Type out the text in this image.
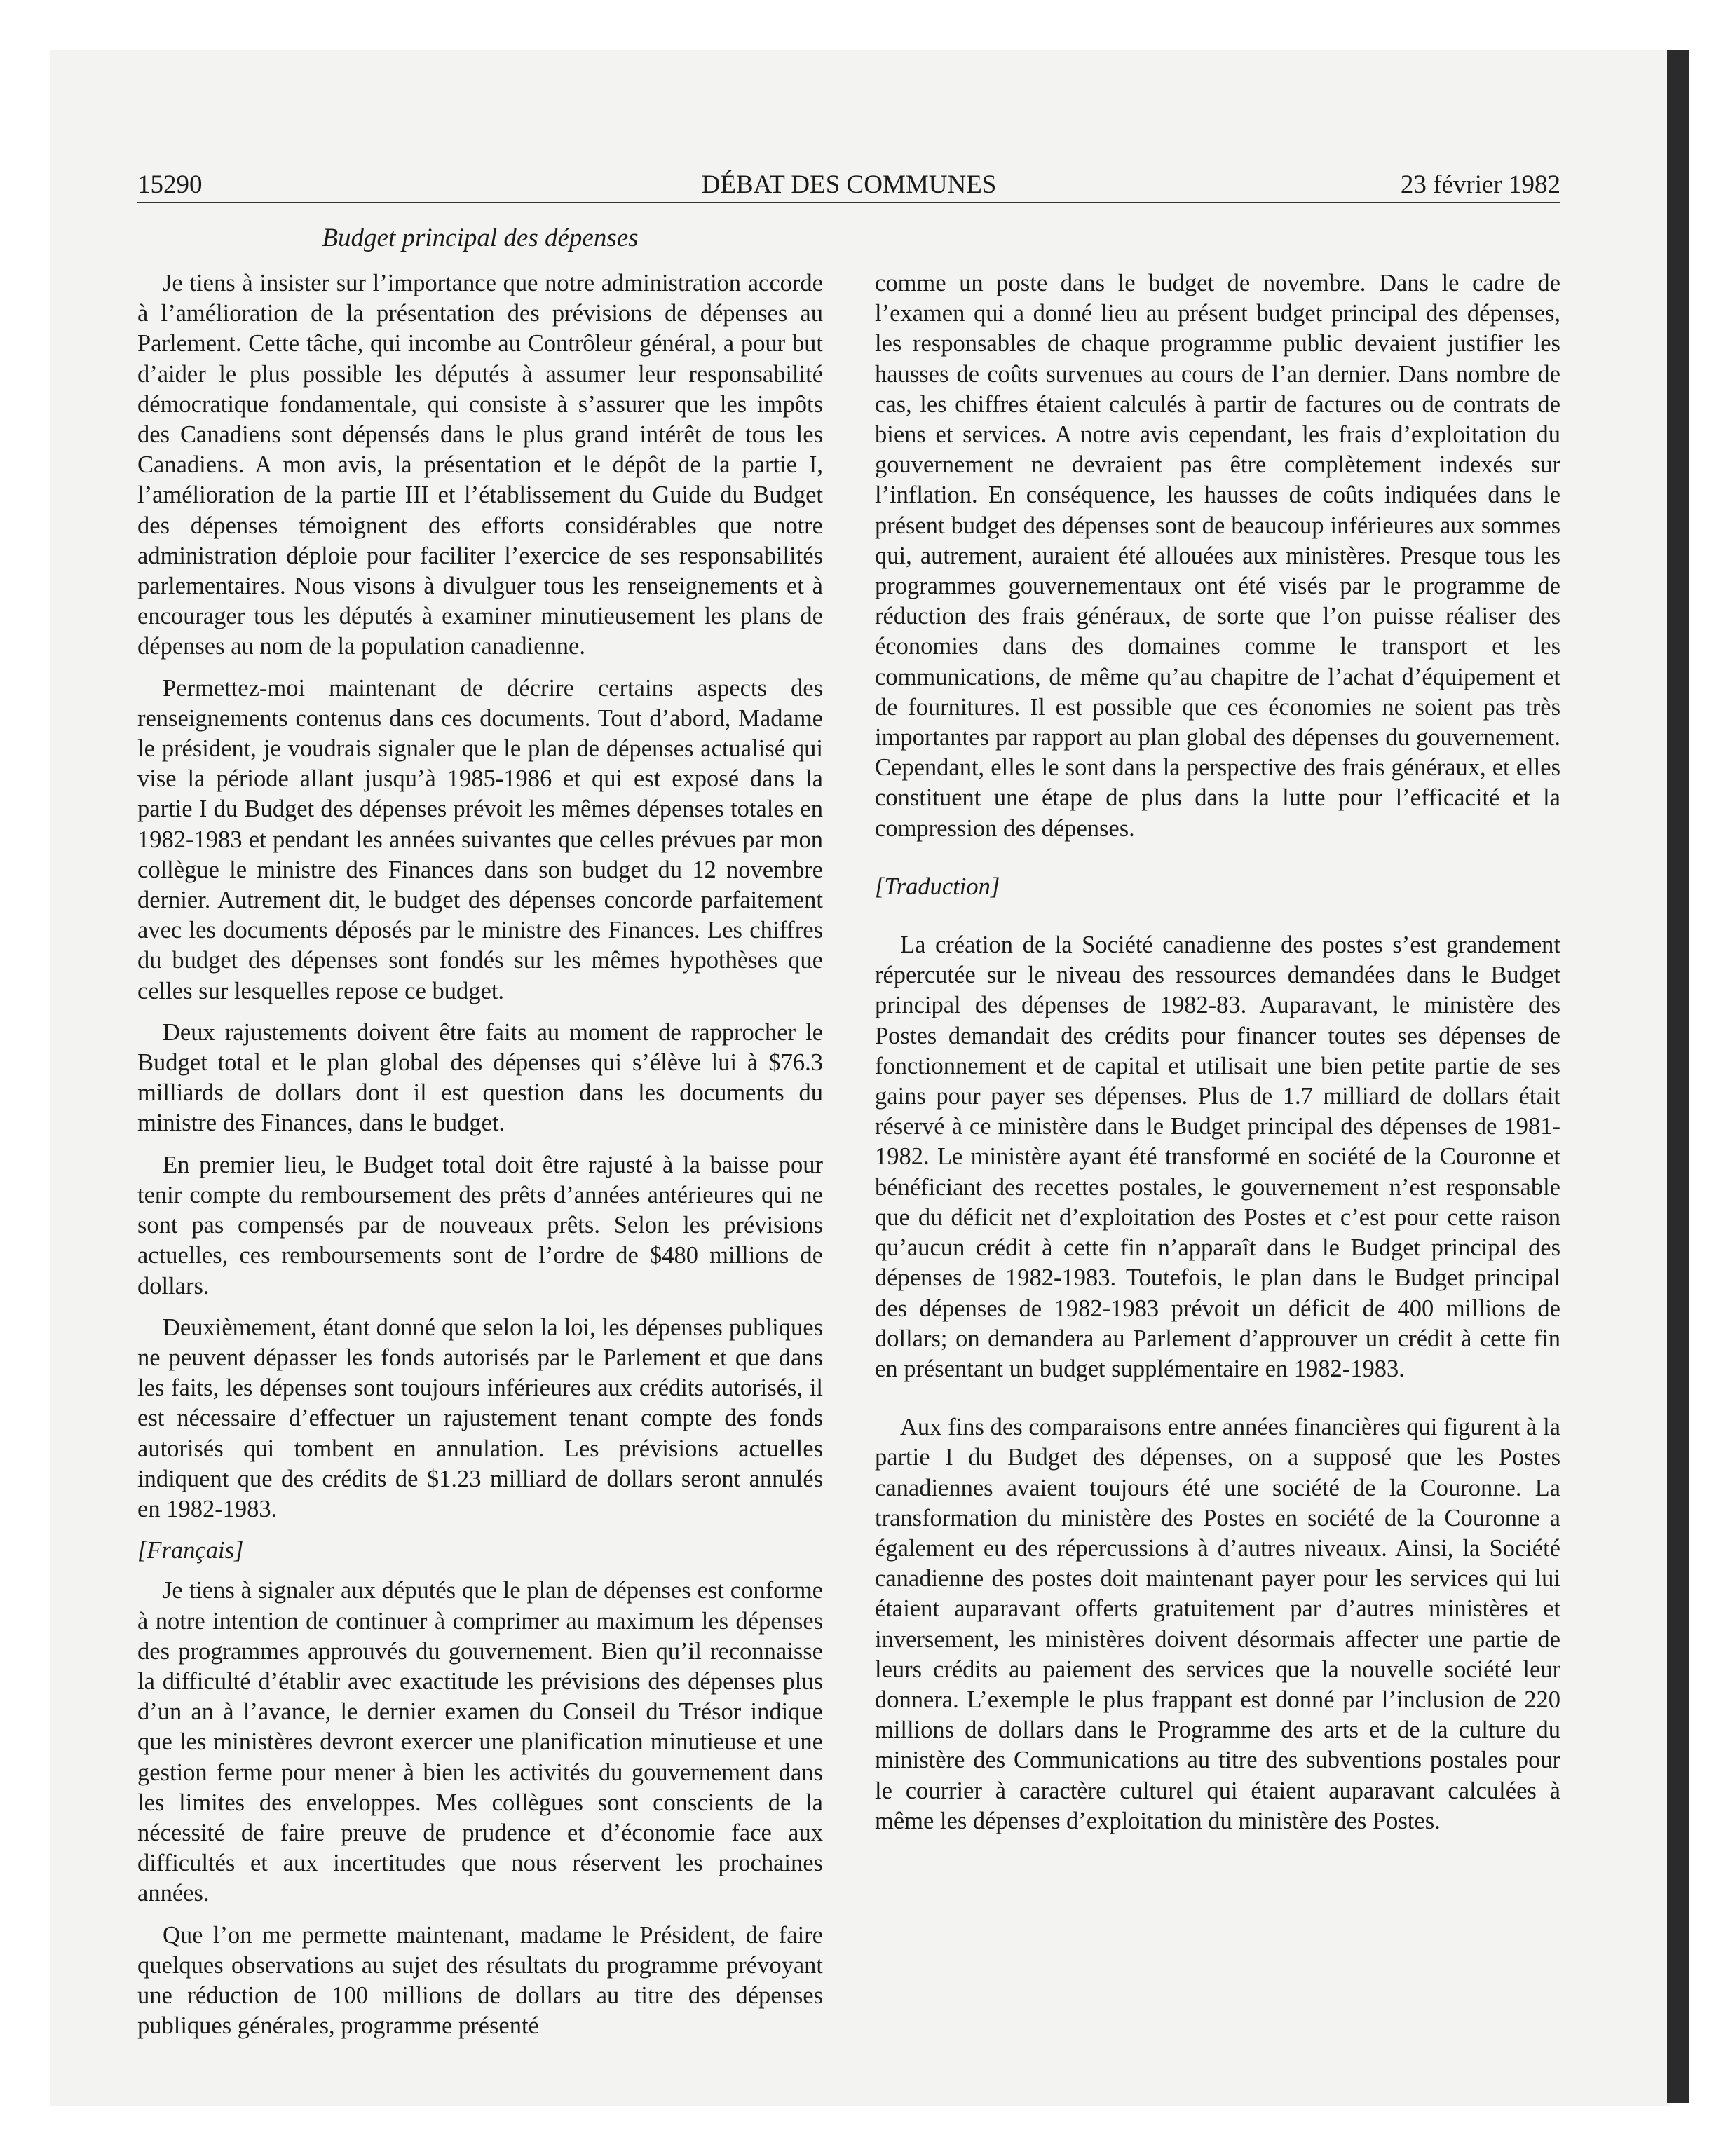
15290	DÉBAT DES COMMUNES	23 février 1982
Budget principal des dépenses

Je tiens à insister sur l’importance que notre administration accorde à l’amélioration de la présentation des prévisions de dépenses au Parlement. Cette tâche, qui incombe au Contrôleur général, a pour but d’aider le plus possible les députés à assumer leur responsabilité démocratique fondamentale, qui consiste à s’assurer que les impôts des Canadiens sont dépensés dans le plus grand intérêt de tous les Canadiens. A mon avis, la présentation et le dépôt de la partie I, l’amélioration de la partie III et l’établissement du Guide du Budget des dépenses témoignent des efforts considérables que notre administration déploie pour faciliter l’exercice de ses responsabilités parlementaires. Nous visons à divulguer tous les renseignements et à encourager tous les députés à examiner minutieusement les plans de dépenses au nom de la population canadienne.

Permettez-moi maintenant de décrire certains aspects des renseignements contenus dans ces documents. Tout d’abord, Madame le président, je voudrais signaler que le plan de dépenses actualisé qui vise la période allant jusqu’à 1985-1986 et qui est exposé dans la partie I du Budget des dépenses prévoit les mêmes dépenses totales en 1982-1983 et pendant les années suivantes que celles prévues par mon collègue le ministre des Finances dans son budget du 12 novembre dernier. Autrement dit, le budget des dépenses concorde parfaitement avec les documents déposés par le ministre des Finances. Les chiffres du budget des dépenses sont fondés sur les mêmes hypothèses que celles sur lesquelles repose ce budget.

Deux rajustements doivent être faits au moment de rapprocher le Budget total et le plan global des dépenses qui s’élève lui à $76.3 milliards de dollars dont il est question dans les documents du ministre des Finances, dans le budget.

En premier lieu, le Budget total doit être rajusté à la baisse pour tenir compte du remboursement des prêts d’années antérieures qui ne sont pas compensés par de nouveaux prêts. Selon les prévisions actuelles, ces remboursements sont de l’ordre de $480 millions de dollars.

Deuxièmement, étant donné que selon la loi, les dépenses publiques ne peuvent dépasser les fonds autorisés par le Parlement et que dans les faits, les dépenses sont toujours inférieures aux crédits autorisés, il est nécessaire d’effectuer un rajustement tenant compte des fonds autorisés qui tombent en annulation. Les prévisions actuelles indiquent que des crédits de $1.23 milliard de dollars seront annulés en 1982-1983.

[Français]

Je tiens à signaler aux députés que le plan de dépenses est conforme à notre intention de continuer à comprimer au maximum les dépenses des programmes approuvés du gouvernement. Bien qu’il reconnaisse la difficulté d’établir avec exactitude les prévisions des dépenses plus d’un an à l’avance, le dernier examen du Conseil du Trésor indique que les ministères devront exercer une planification minutieuse et une gestion ferme pour mener à bien les activités du gouvernement dans les limites des enveloppes. Mes collègues sont conscients de la nécessité de faire preuve de prudence et d’économie face aux difficultés et aux incertitudes que nous réservent les prochaines années.

Que l’on me permette maintenant, madame le Président, de faire quelques observations au sujet des résultats du programme prévoyant une réduction de 100 millions de dollars au titre des dépenses publiques générales, programme présenté

comme un poste dans le budget de novembre. Dans le cadre de l’examen qui a donné lieu au présent budget principal des dépenses, les responsables de chaque programme public devaient justifier les hausses de coûts survenues au cours de l’an dernier. Dans nombre de cas, les chiffres étaient calculés à partir de factures ou de contrats de biens et services. A notre avis cependant, les frais d’exploitation du gouvernement ne devraient pas être complètement indexés sur l’inflation. En conséquence, les hausses de coûts indiquées dans le présent budget des dépenses sont de beaucoup inférieures aux sommes qui, autrement, auraient été allouées aux ministères. Presque tous les programmes gouvernementaux ont été visés par le programme de réduction des frais généraux, de sorte que l’on puisse réaliser des économies dans des domaines comme le transport et les communications, de même qu’au chapitre de l’achat d’équipement et de fournitures. Il est possible que ces économies ne soient pas très importantes par rapport au plan global des dépenses du gouvernement. Cependant, elles le sont dans la perspective des frais généraux, et elles constituent une étape de plus dans la lutte pour l’efficacité et la compression des dépenses.

[Traduction]

La création de la Société canadienne des postes s’est grandement répercutée sur le niveau des ressources demandées dans le Budget principal des dépenses de 1982-83. Auparavant, le ministère des Postes demandait des crédits pour financer toutes ses dépenses de fonctionnement et de capital et utilisait une bien petite partie de ses gains pour payer ses dépenses. Plus de 1.7 milliard de dollars était réservé à ce ministère dans le Budget principal des dépenses de 1981-1982. Le ministère ayant été transformé en société de la Couronne et bénéficiant des recettes postales, le gouvernement n’est responsable que du déficit net d’exploitation des Postes et c’est pour cette raison qu’aucun crédit à cette fin n’apparaît dans le Budget principal des dépenses de 1982-1983. Toutefois, le plan dans le Budget principal des dépenses de 1982-1983 prévoit un déficit de 400 millions de dollars; on demandera au Parlement d’approuver un crédit à cette fin en présentant un budget supplémentaire en 1982-1983.

Aux fins des comparaisons entre années financières qui figurent à la partie I du Budget des dépenses, on a supposé que les Postes canadiennes avaient toujours été une société de la Couronne. La transformation du ministère des Postes en société de la Couronne a également eu des répercussions à d’autres niveaux. Ainsi, la Société canadienne des postes doit maintenant payer pour les services qui lui étaient auparavant offerts gratuitement par d’autres ministères et inversement, les ministères doivent désormais affecter une partie de leurs crédits au paiement des services que la nouvelle société leur donnera. L’exemple le plus frappant est donné par l’inclusion de 220 millions de dollars dans le Programme des arts et de la culture du ministère des Communications au titre des subventions postales pour le courrier à caractère culturel qui étaient auparavant calculées à même les dépenses d’exploitation du ministère des Postes.
